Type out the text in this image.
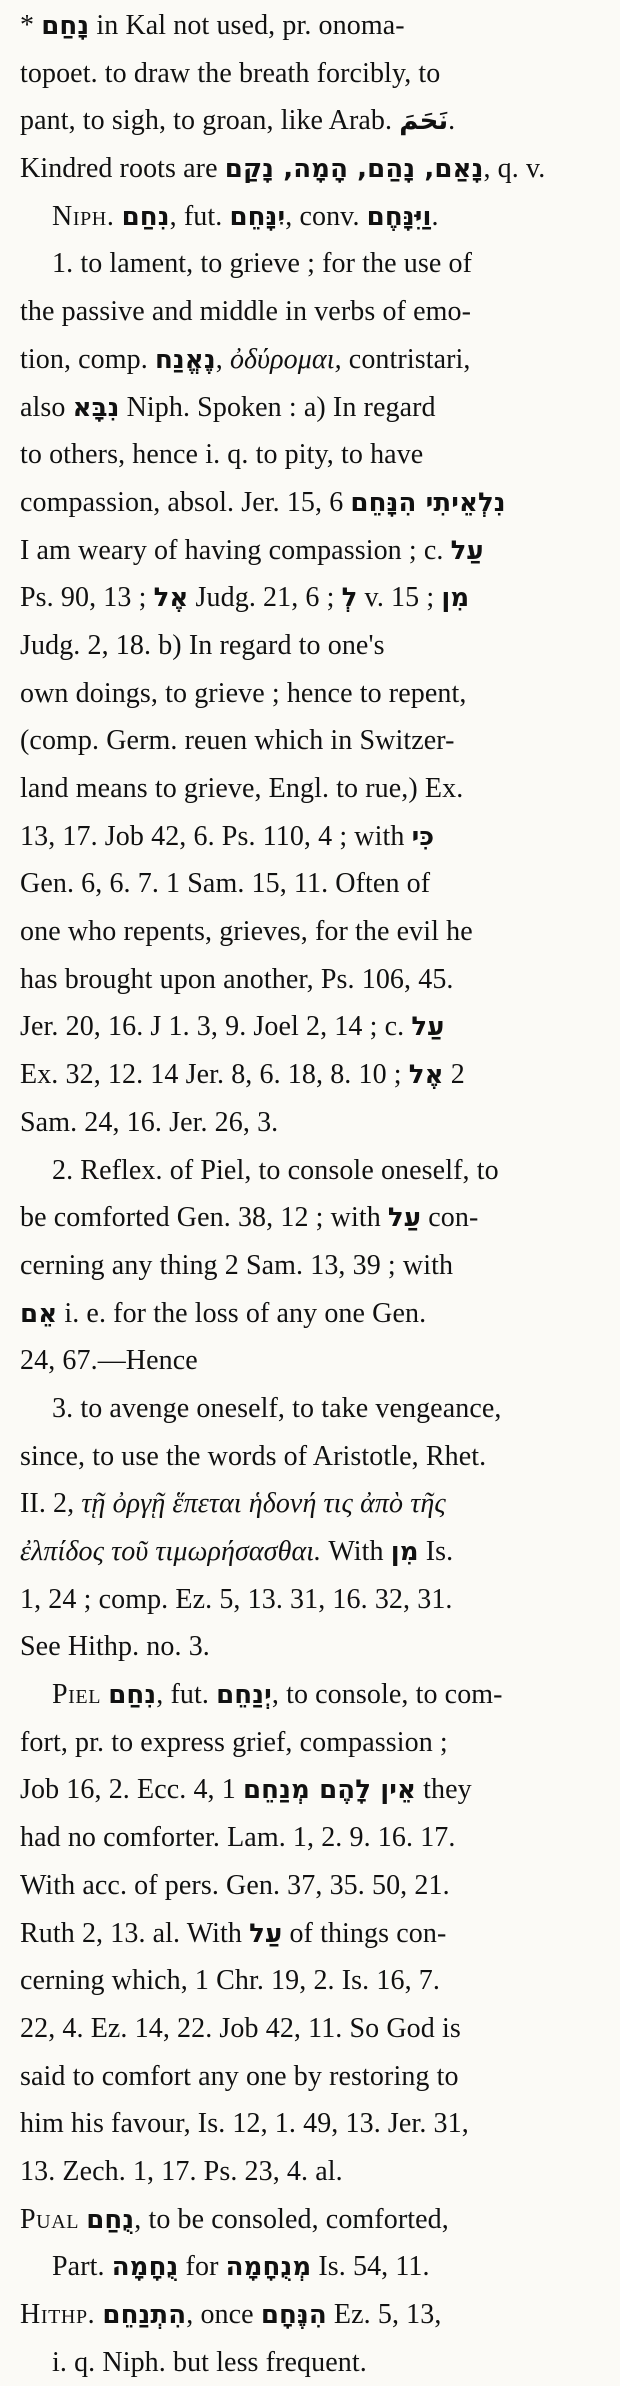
* נָחַם in Kal not used, pr. onoma-
topoet. to draw the breath forcibly, to
pant, to sigh, to groan, like Arab. نَحَمَ.
Kindred roots are נָאַם, נָהַם, הָמָה, נָקַם, q. v.
Niph. נִחַם, fut. יִנָּחֵם, conv. וַיִּנָּחֶם.
1. to lament, to grieve ; for the use of
the passive and middle in verbs of emo-
tion, comp. נֶאֱנַח, ὀδύρομαι, contristari,
also נִבָּא Niph. Spoken : a) In regard
to others, hence i. q. to pity, to have
compassion, absol. Jer. 15, 6 נִלְאֵיתִי הִנָּחֵם
I am weary of having compassion ; c. עַל
Ps. 90, 13 ; אֶל Judg. 21, 6 ; לְ v. 15 ; מִן
Judg. 2, 18. b) In regard to one's
own doings, to grieve ; hence to repent,
(comp. Germ. reuen which in Switzer-
land means to grieve, Engl. to rue,) Ex.
13, 17. Job 42, 6. Ps. 110, 4 ; with כִּי
Gen. 6, 6. 7. 1 Sam. 15, 11. Often of
one who repents, grieves, for the evil he
has brought upon another, Ps. 106, 45.
Jer. 20, 16. J 1. 3, 9. Joel 2, 14 ; c. עַל
Ex. 32, 12. 14 Jer. 8, 6. 18, 8. 10 ; אֶל 2
Sam. 24, 16. Jer. 26, 3.
2. Reflex. of Piel, to console oneself, to
be comforted Gen. 38, 12 ; with עַל con-
cerning any thing 2 Sam. 13, 39 ; with
אֵם i. e. for the loss of any one Gen.
24, 67.—Hence
3. to avenge oneself, to take vengeance,
since, to use the words of Aristotle, Rhet.
II. 2, τῇ ὀργῇ ἕπεται ἡδονή τις ἀπὸ τῆς
ἐλπίδος τοῦ τιμωρήσασθαι. With מִן Is.
1, 24 ; comp. Ez. 5, 13. 31, 16. 32, 31.
See Hithp. no. 3.
Piel נִחַם, fut. יְנַחֵם, to console, to com-
fort, pr. to express grief, compassion ;
Job 16, 2. Ecc. 4, 1 אֵין לָהֶם מְנַחֵם they
had no comforter. Lam. 1, 2. 9. 16. 17.
With acc. of pers. Gen. 37, 35. 50, 21.
Ruth 2, 13. al. With עַל of things con-
cerning which, 1 Chr. 19, 2. Is. 16, 7.
22, 4. Ez. 14, 22. Job 42, 11. So God is
said to comfort any one by restoring to
him his favour, Is. 12, 1. 49, 13. Jer. 31,
13. Zech. 1, 17. Ps. 23, 4. al.
Pual נֻחַם, to be consoled, comforted,
Part. נֻחָמָה for מְנֻחָמָה Is. 54, 11.
Hithp. הִתְנַחֵם, once הִנֶּחָם Ez. 5, 13,
i. q. Niph. but less frequent.
